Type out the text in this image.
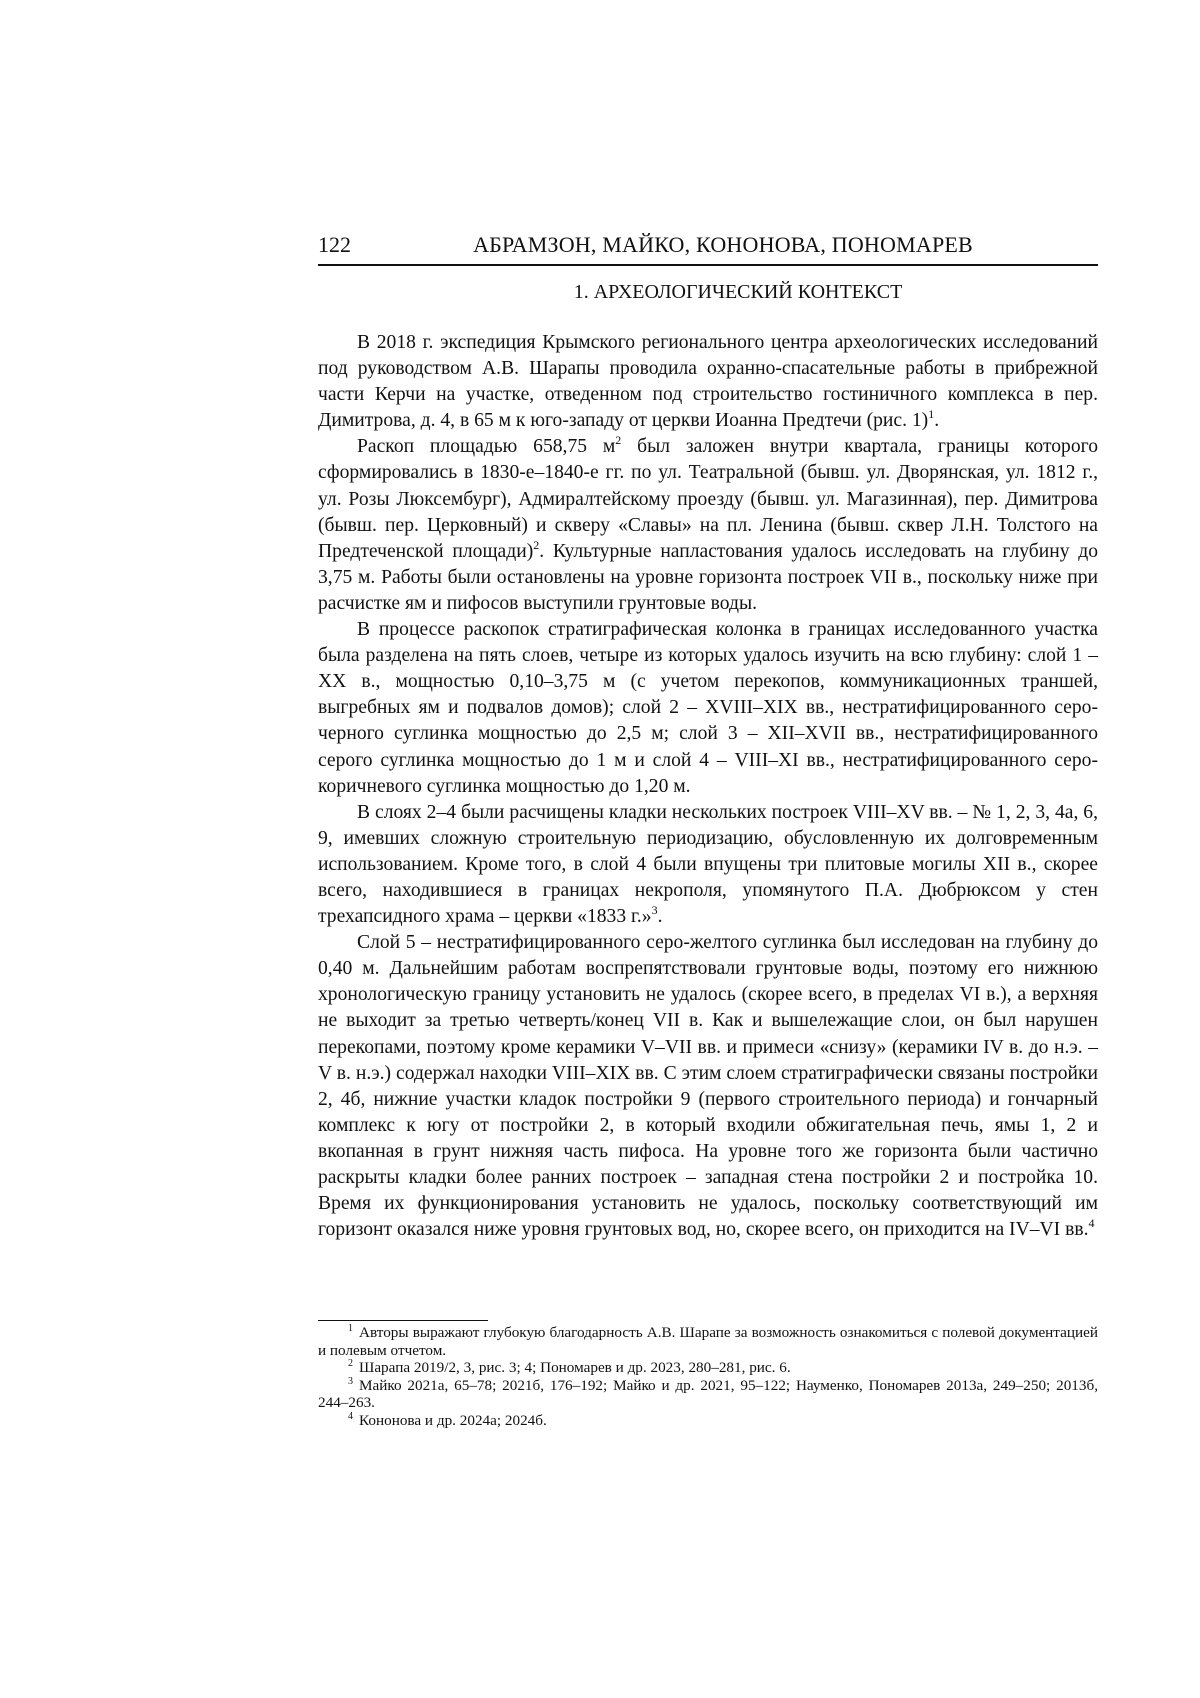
122	АБРАМЗОН, МАЙКО, КОНОНОВА, ПОНОМАРЕВ
1. АРХЕОЛОГИЧЕСКИЙ КОНТЕКСТ

В 2018 г. экспедиция Крымского регионального центра археологических исследований под руководством А.В. Шарапы проводила охранно-спасательные работы в прибрежной части Керчи на участке, отведенном под строительство гостиничного комплекса в пер. Димитрова, д. 4, в 65 м к юго-западу от церкви Иоанна Предтечи (рис. 1)$^1$.

Раскоп площадью 658,75 $м^2$ был заложен внутри квартала, границы которого сформировались в 1830-е–1840-е гг. по ул. Театральной (бывш. ул. Дворянская, ул. 1812 г., ул. Розы Люксембург), Адмиралтейскому проезду (бывш. ул. Магазинная), пер. Димитрова (бывш. пер. Церковный) и скверу «Славы» на пл. Ленина (бывш. сквер Л.Н. Толстого на Предтеченской площади)$^2$. Культурные напластования удалось исследовать на глубину до 3,75 м. Работы были остановлены на уровне горизонта построек VII в., поскольку ниже при расчистке ям и пифосов выступили грунтовые воды.

В процессе раскопок стратиграфическая колонка в границах исследованного участка была разделена на пять слоев, четыре из которых удалось изучить на всю глубину: слой 1 – XX в., мощностью 0,10–3,75 м (с учетом перекопов, коммуникационных траншей, выгребных ям и подвалов домов); слой 2 – XVIII–XIX вв., нестратифицированного серо-черного суглинка мощностью до 2,5 м; слой 3 – XII–XVII вв., нестратифицированного серого суглинка мощностью до 1 м и слой 4 – VIII–XI вв., нестратифицированного серо-коричневого суглинка мощностью до 1,20 м.

В слоях 2–4 были расчищены кладки нескольких построек VIII–XV вв. – № 1, 2, 3, 4а, 6, 9, имевших сложную строительную периодизацию, обусловленную их долговременным использованием. Кроме того, в слой 4 были впущены три плитовые могилы XII в., скорее всего, находившиеся в границах некрополя, упомянутого П.А. Дюбрюксом у стен трехапсидного храма – церкви «1833 г.»$^3$.

Слой 5 – нестратифицированного серо-желтого суглинка был исследован на глубину до 0,40 м. Дальнейшим работам воспрепятствовали грунтовые воды, поэтому его нижнюю хронологическую границу установить не удалось (скорее всего, в пределах VI в.), а верхняя не выходит за третью четверть/конец VII в. Как и вышележащие слои, он был нарушен перекопами, поэтому кроме керамики V–VII вв. и примеси «снизу» (керамики IV в. до н.э. – V в. н.э.) содержал находки VIII–XIX вв. С этим слоем стратиграфически связаны постройки 2, 4б, нижние участки кладок постройки 9 (первого строительного периода) и гончарный комплекс к югу от постройки 2, в который входили обжигательная печь, ямы 1, 2 и вкопанная в грунт нижняя часть пифоса. На уровне того же горизонта были частично раскрыты кладки более ранних построек – западная стена постройки 2 и постройка 10. Время их функционирования установить не удалось, поскольку соответствующий им горизонт оказался ниже уровня грунтовых вод, но, скорее всего, он приходится на IV–VI вв.$^4$

$^1$ Авторы выражают глубокую благодарность А.В. Шарапе за возможность ознакомиться с полевой документацией и полевым отчетом.

$^2$ Шарапа 2019/2, 3, рис. 3; 4; Пономарев и др. 2023, 280–281, рис. 6.

$^3$ Майко 2021а, 65–78; 2021б, 176–192; Майко и др. 2021, 95–122; Науменко, Пономарев 2013а, 249–250; 2013б, 244–263.

$^4$ Кононова и др. 2024а; 2024б.
